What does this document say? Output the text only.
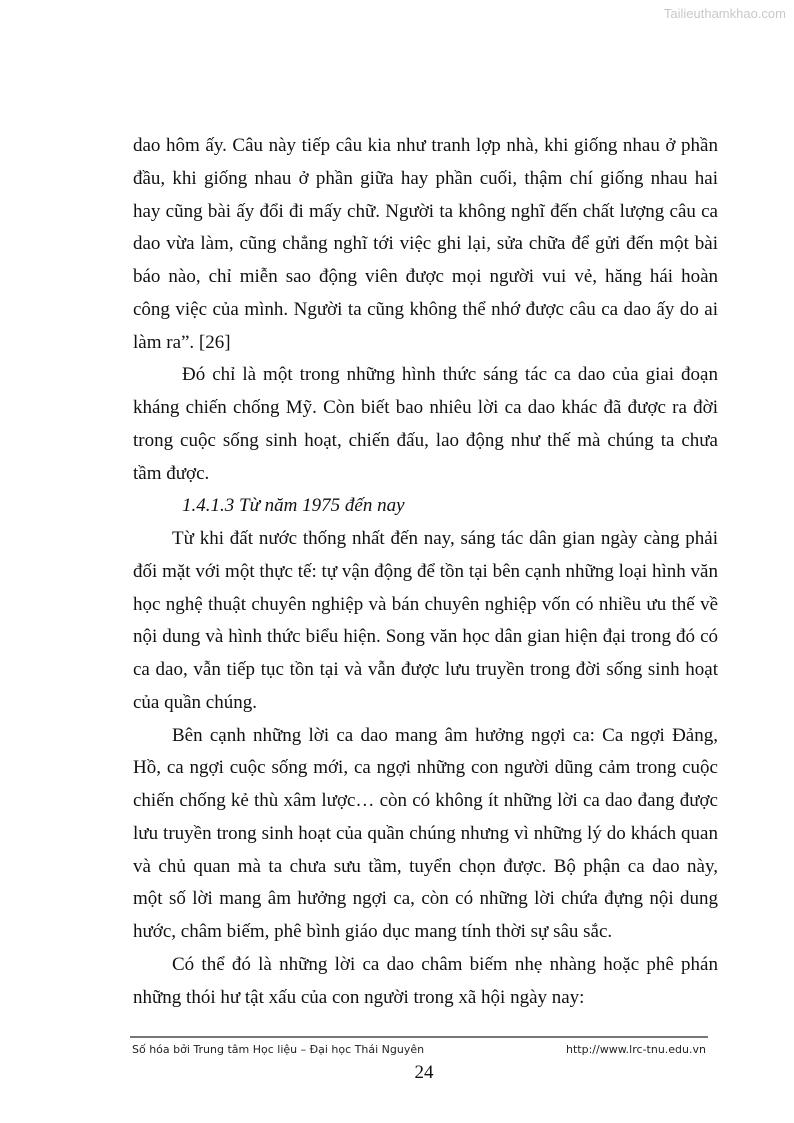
Tailieuthamkhao.com
dao hôm ấy. Câu này tiếp câu kia như tranh lợp nhà, khi giống nhau ở phần
đầu, khi giống nhau ở phần giữa hay phần cuối, thậm chí giống nhau hai
hay cũng bài ấy đổi đi mấy chữ. Người ta không nghĩ đến chất lượng câu ca
dao vừa làm, cũng chẳng nghĩ tới việc ghi lại, sửa chữa để gửi đến một bài
báo nào, chỉ miễn sao động viên được mọi người vui vẻ, hăng hái hoàn
công việc của mình. Người ta cũng không thể nhớ được câu ca dao ấy do ai
làm ra”. [26]
Đó chỉ là một trong những hình thức sáng tác ca dao của giai đoạn
kháng chiến chống Mỹ. Còn biết bao nhiêu lời ca dao khác đã được ra đời
trong cuộc sống sinh hoạt, chiến đấu, lao động như thế mà chúng ta chưa
tầm được.
1.4.1.3 Từ năm 1975 đến nay
Từ khi đất nước thống nhất đến nay, sáng tác dân gian ngày càng phải
đối mặt với một thực tế: tự vận động để tồn tại bên cạnh những loại hình văn
học nghệ thuật chuyên nghiệp và bán chuyên nghiệp vốn có nhiều ưu thế về
nội dung và hình thức biểu hiện. Song văn học dân gian hiện đại trong đó có
ca dao, vẫn tiếp tục tồn tại và vẫn được lưu truyền trong đời sống sinh hoạt
của quần chúng.
Bên cạnh những lời ca dao mang âm hưởng ngợi ca: Ca ngợi Đảng,
Hồ, ca ngợi cuộc sống mới, ca ngợi những con người dũng cảm trong cuộc
chiến chống kẻ thù xâm lược… còn có không ít những lời ca dao đang được
lưu truyền trong sinh hoạt của quần chúng nhưng vì những lý do khách quan
và chủ quan mà ta chưa sưu tầm, tuyển chọn được. Bộ phận ca dao này,
một số lời mang âm hưởng ngợi ca, còn có những lời chứa đựng nội dung
hước, châm biếm, phê bình giáo dục mang tính thời sự sâu sắc.
Có thể đó là những lời ca dao châm biếm nhẹ nhàng hoặc phê phán
những thói hư tật xấu của con người trong xã hội ngày nay:
Số hóa bởi Trung tâm Học liệu – Đại học Thái Nguyên	http://www.lrc-tnu.edu.vn
24
